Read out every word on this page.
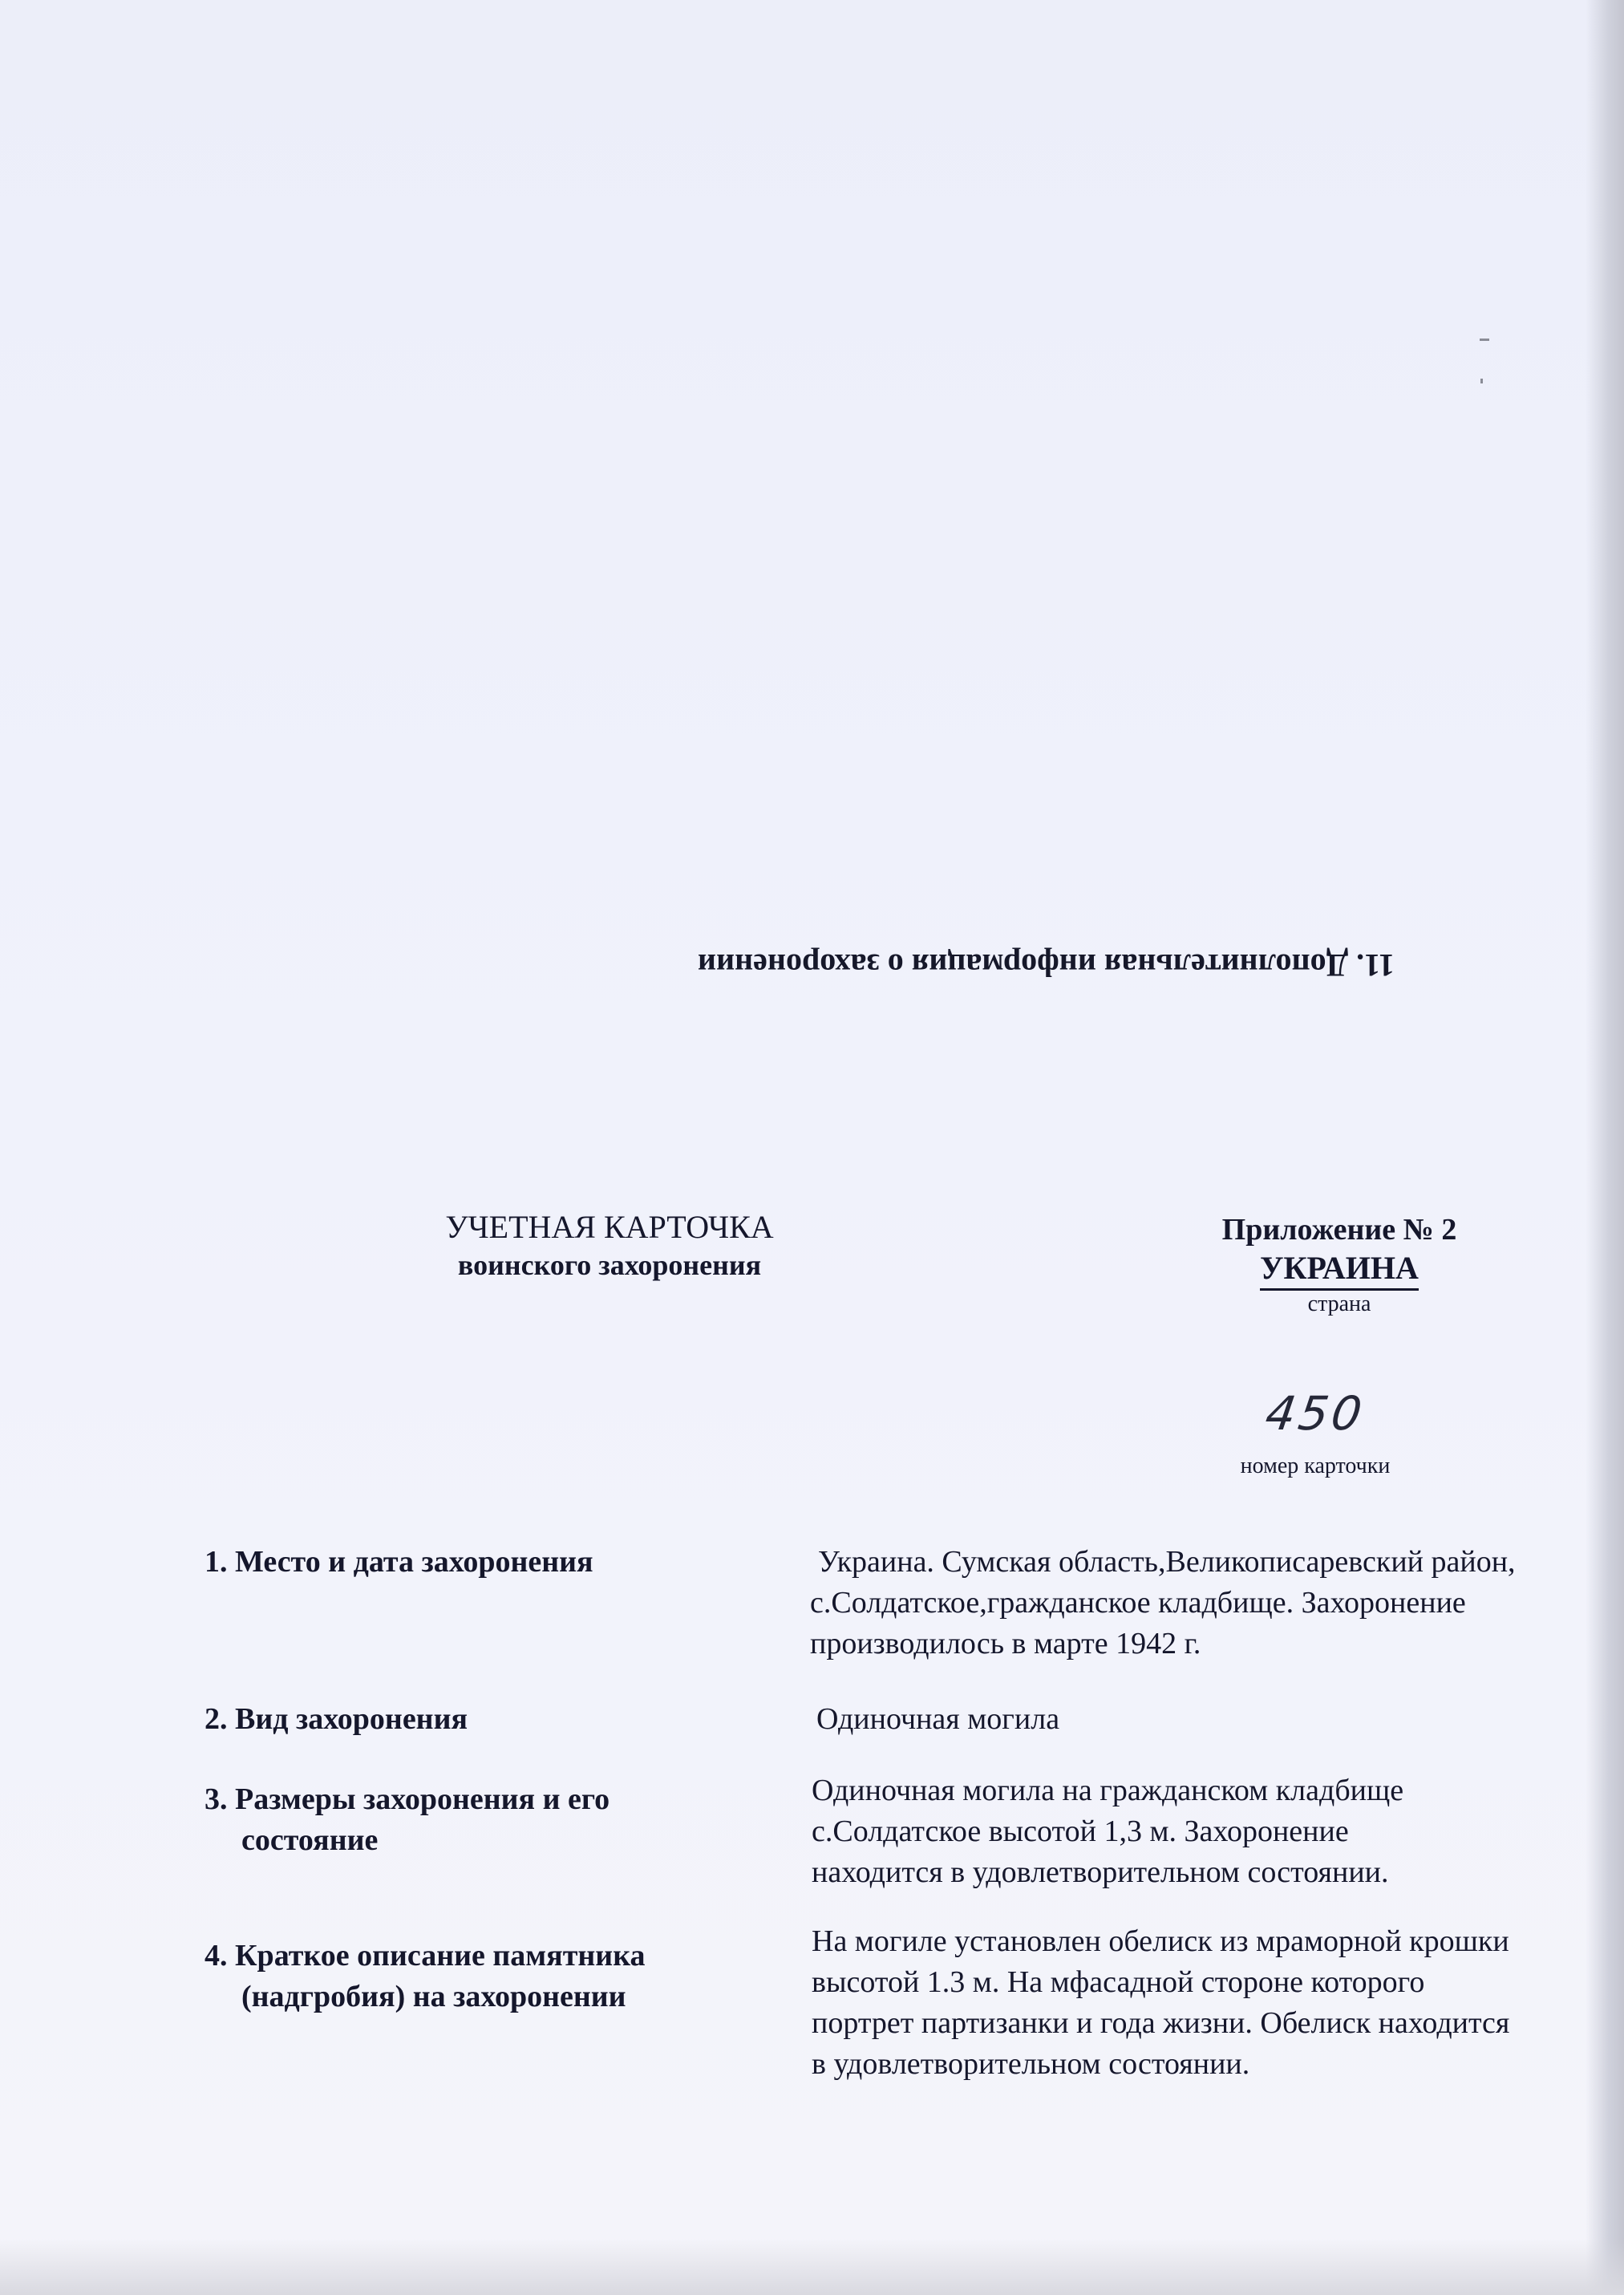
11. Дополнительная информация о захоронении
УЧЕТНАЯ КАРТОЧКА
воинского захоронения
Приложение № 2
УКРАИНА
страна
450
номер карточки
1. Место и дата захоронения	Украина. Сумская область,Великописаревский район,
с.Солдатское,гражданское кладбище. Захоронение
производилось в марте 1942 г.
2. Вид захоронения	Одиночная могила
3. Размеры захоронения и его
состояние
Одиночная могила на гражданском кладбище
с.Солдатское высотой 1,3 м. Захоронение
находится в удовлетворительном состоянии.
4. Краткое описание памятника
(надгробия) на захоронении
На могиле установлен обелиск из мраморной крошки
высотой 1.3 м. На мфасадной стороне которого
портрет партизанки и года жизни. Обелиск находится
в удовлетворительном состоянии.
